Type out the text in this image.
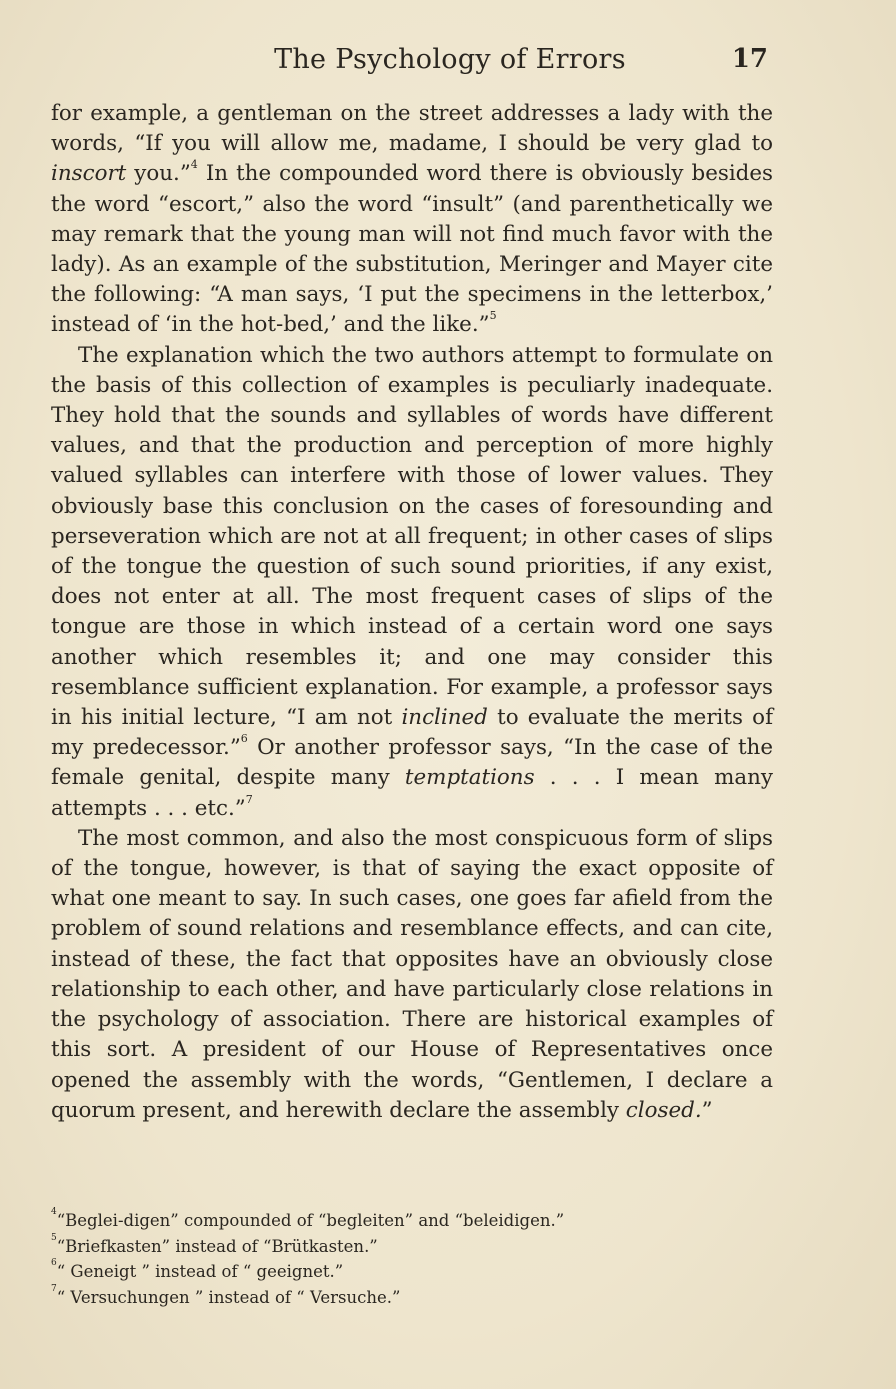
The Psychology of Errors	17

for example, a gentleman on the street addresses a lady with the words, “If you will allow me, madame, I should be very glad to inscort you.”$^4$ In the compounded word there is obviously besides the word “escort,” also the word “insult” (and parenthetically we may remark that the young man will not find much favor with the lady). As an example of the substitution, Meringer and Mayer cite the following: “A man says, ‘I put the specimens in the letterbox,’ instead of ‘in the hot-bed,’ and the like.”$^5$

The explanation which the two authors attempt to formulate on the basis of this collection of examples is peculiarly inadequate. They hold that the sounds and syllables of words have different values, and that the production and perception of more highly valued syllables can interfere with those of lower values. They obviously base this conclusion on the cases of foresounding and perseveration which are not at all frequent; in other cases of slips of the tongue the question of such sound priorities, if any exist, does not enter at all. The most frequent cases of slips of the tongue are those in which instead of a certain word one says another which resembles it; and one may consider this resemblance sufficient explanation. For example, a professor says in his initial lecture, “I am not inclined to evaluate the merits of my predecessor.”$^6$ Or another professor says, “In the case of the female genital, despite many temptations . . . I mean many attempts . . . etc.”$^7$

The most common, and also the most conspicuous form of slips of the tongue, however, is that of saying the exact opposite of what one meant to say. In such cases, one goes far afield from the problem of sound relations and resemblance effects, and can cite, instead of these, the fact that opposites have an obviously close relationship to each other, and have particularly close relations in the psychology of association. There are historical examples of this sort. A president of our House of Representatives once opened the assembly with the words, “Gentlemen, I declare a quorum present, and herewith declare the assembly closed.”

$^4$“Beglei-digen” compounded of “begleiten” and “beleidigen.”

$^5$“Briefkasten” instead of “Brütkasten.”

$^6$“ Geneigt ” instead of “ geeignet.”

$^7$“ Versuchungen ” instead of “ Versuche.”
